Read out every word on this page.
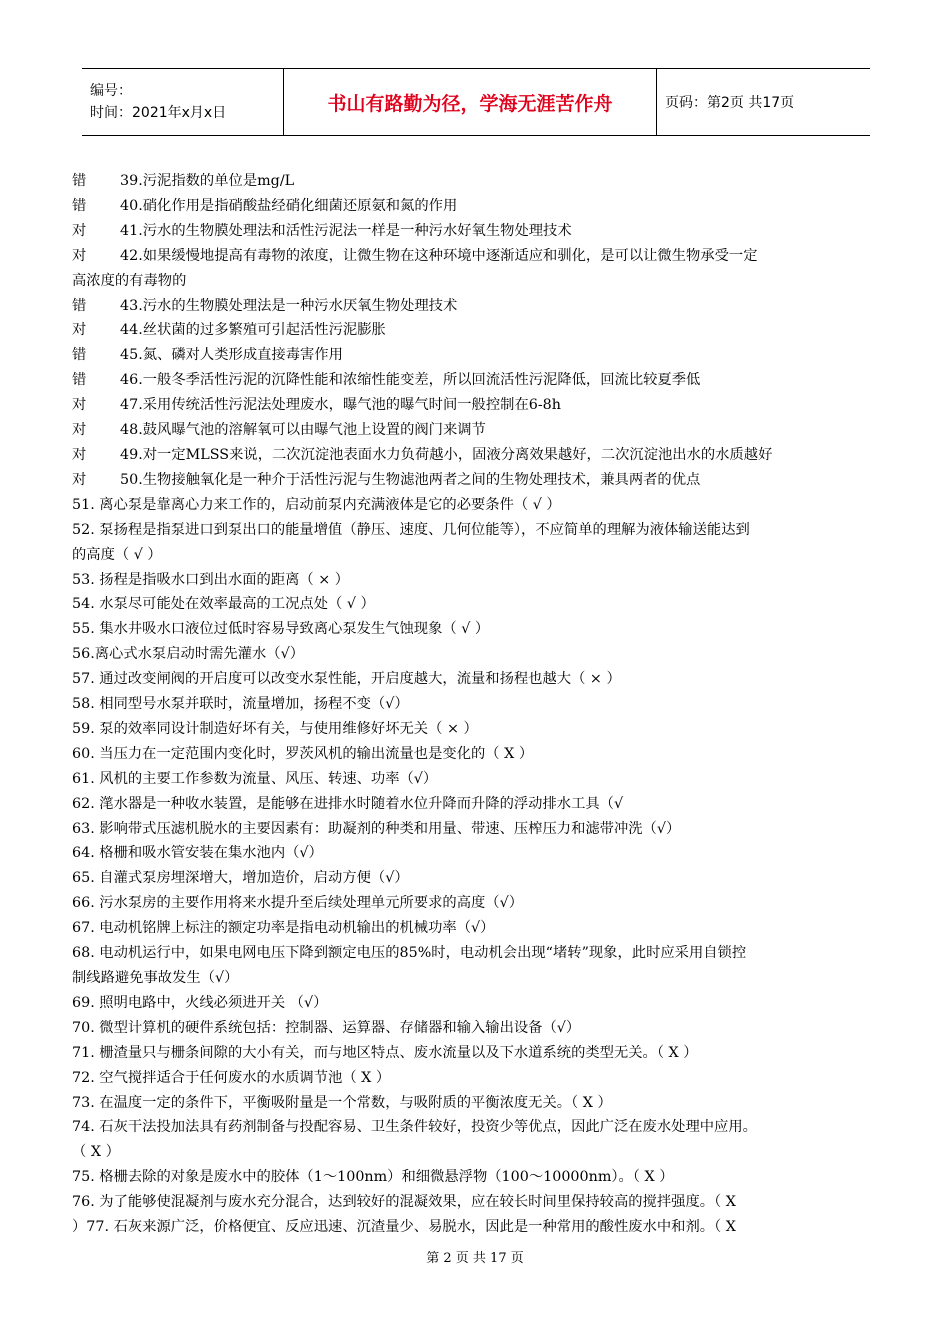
编号：
时间：2021年x月x日	书山有路勤为径，学海无涯苦作舟	页码：第2页 共17页
错 39.污泥指数的单位是mg/L
错 40.硝化作用是指硝酸盐经硝化细菌还原氨和氮的作用
对 41.污水的生物膜处理法和活性污泥法一样是一种污水好氧生物处理技术
对 42.如果缓慢地提高有毒物的浓度，让微生物在这种环境中逐渐适应和驯化，是可以让微生物承受一定
高浓度的有毒物的
错 43.污水的生物膜处理法是一种污水厌氧生物处理技术
对 44.丝状菌的过多繁殖可引起活性污泥膨胀
错 45.氮、磷对人类形成直接毒害作用
错 46.一般冬季活性污泥的沉降性能和浓缩性能变差，所以回流活性污泥降低，回流比较夏季低
对 47.采用传统活性污泥法处理废水，曝气池的曝气时间一般控制在6-8h
对 48.鼓风曝气池的溶解氧可以由曝气池上设置的阀门来调节
对 49.对一定MLSS来说，二次沉淀池表面水力负荷越小，固液分离效果越好，二次沉淀池出水的水质越好
对 50.生物接触氧化是一种介于活性污泥与生物滤池两者之间的生物处理技术，兼具两者的优点
51. 离心泵是靠离心力来工作的，启动前泵内充满液体是它的必要条件（ √ ）
52. 泵扬程是指泵进口到泵出口的能量增值（静压、速度、几何位能等），不应简单的理解为液体输送能达到
的高度（ √ ）
53. 扬程是指吸水口到出水面的距离（ × ）
54. 水泵尽可能处在效率最高的工况点处（ √ ）
55. 集水井吸水口液位过低时容易导致离心泵发生气蚀现象（ √ ）
56.离心式水泵启动时需先灌水（√）
57. 通过改变闸阀的开启度可以改变水泵性能，开启度越大，流量和扬程也越大（ × ）
58. 相同型号水泵并联时，流量增加，扬程不变（√）
59. 泵的效率同设计制造好坏有关，与使用维修好坏无关（ × ）
60. 当压力在一定范围内变化时，罗茨风机的输出流量也是变化的（ X ）
61. 风机的主要工作参数为流量、风压、转速、功率（√）
62. 滗水器是一种收水装置，是能够在进排水时随着水位升降而升降的浮动排水工具（√
63. 影响带式压滤机脱水的主要因素有：助凝剂的种类和用量、带速、压榨压力和滤带冲洗（√）
64. 格栅和吸水管安装在集水池内（√）
65. 自灌式泵房埋深增大，增加造价，启动方便（√）
66. 污水泵房的主要作用将来水提升至后续处理单元所要求的高度（√）
67. 电动机铭牌上标注的额定功率是指电动机输出的机械功率（√）
68. 电动机运行中，如果电网电压下降到额定电压的85%时，电动机会出现“堵转”现象，此时应采用自锁控
制线路避免事故发生（√）
69. 照明电路中，火线必须进开关 （√）
70. 微型计算机的硬件系统包括：控制器、运算器、存储器和输入输出设备（√）
71. 栅渣量只与栅条间隙的大小有关，而与地区特点、废水流量以及下水道系统的类型无关。（ X ）
72. 空气搅拌适合于任何废水的水质调节池（ X ）
73. 在温度一定的条件下，平衡吸附量是一个常数，与吸附质的平衡浓度无关。（ X ）
74. 石灰干法投加法具有药剂制备与投配容易、卫生条件较好，投资少等优点，因此广泛在废水处理中应用。
（ X ）
75. 格栅去除的对象是废水中的胶体（1～100nm）和细微悬浮物（100～10000nm）。（ X ）
76. 为了能够使混凝剂与废水充分混合，达到较好的混凝效果，应在较长时间里保持较高的搅拌强度。（ X
）77. 石灰来源广泛，价格便宜、反应迅速、沉渣量少、易脱水，因此是一种常用的酸性废水中和剂。（ X
第 2 页 共 17 页
